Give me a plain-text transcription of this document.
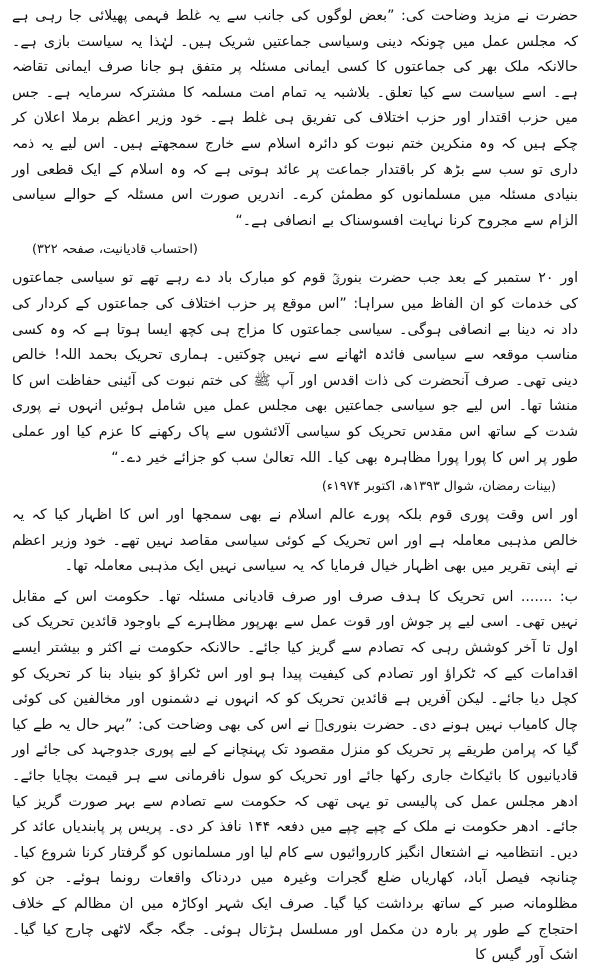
حضرت نے مزید وضاحت کی: ”بعض لوگوں کی جانب سے یہ غلط فہمی پھیلائی جا رہی ہے کہ مجلس عمل میں چونکہ دینی وسیاسی جماعتیں شریک ہیں۔ لہٰذا یہ سیاست بازی ہے۔ حالانکہ ملک بھر کی جماعتوں کا کسی ایمانی مسئلہ پر متفق ہو جانا صرف ایمانی تقاضہ ہے۔ اسے سیاست سے کیا تعلق۔ بلاشبہ یہ تمام امت مسلمہ کا مشترکہ سرمایہ ہے۔ جس میں حزب اقتدار اور حزب اختلاف کی تفریق ہی غلط ہے۔ خود وزیر اعظم برملا اعلان کر چکے ہیں کہ وہ منکرین ختم نبوت کو دائرہ اسلام سے خارج سمجھتے ہیں۔ اس لیے یہ ذمہ داری تو سب سے بڑھ کر باقتدار جماعت پر عائد ہوتی ہے کہ وہ اسلام کے ایک قطعی اور بنیادی مسئلہ میں مسلمانوں کو مطمئن کرے۔ اندریں صورت اس مسئلہ کے حوالے سیاسی الزام سے مجروح کرنا نہایت افسوسناک بے انصافی ہے۔“

(احتساب قادیانیت، صفحہ ۳۲۲)

اور ۲۰ ستمبر کے بعد جب حضرت بنوریؒ قوم کو مبارک باد دے رہے تھے تو سیاسی جماعتوں کی خدمات کو ان الفاظ میں سراہا: ”اس موقع پر حزب اختلاف کی جماعتوں کے کردار کی داد نہ دینا بے انصافی ہوگی۔ سیاسی جماعتوں کا مزاج ہی کچھ ایسا ہوتا ہے کہ وہ کسی مناسب موقعہ سے سیاسی فائدہ اٹھانے سے نہیں چوکتیں۔ ہماری تحریک بحمد اللہ! خالص دینی تھی۔ صرف آنحضرت کی ذات اقدس اور آپ ﷺ کی ختم نبوت کی آئینی حفاظت اس کا منشا تھا۔ اس لیے جو سیاسی جماعتیں بھی مجلس عمل میں شامل ہوئیں انہوں نے پوری شدت کے ساتھ اس مقدس تحریک کو سیاسی آلائشوں سے پاک رکھنے کا عزم کیا اور عملی طور پر اس کا پورا پورا مظاہرہ بھی کیا۔ اللہ تعالیٰ سب کو جزائے خیر دے۔“

(بینات رمضان، شوال ۱۳۹۳ھ، اکتوبر ۱۹۷۴ء)

اور اس وقت پوری قوم بلکہ پورے عالم اسلام نے بھی سمجھا اور اس کا اظہار کیا کہ یہ خالص مذہبی معاملہ ہے اور اس تحریک کے کوئی سیاسی مقاصد نہیں تھے۔ خود وزیر اعظم نے اپنی تقریر میں بھی اظہار خیال فرمایا کہ یہ سیاسی نہیں ایک مذہبی معاملہ تھا۔

ب: ....... اس تحریک کا ہدف صرف اور صرف قادیانی مسئلہ تھا۔ حکومت اس کے مقابل نہیں تھی۔ اسی لیے پر جوش اور قوت عمل سے بھرپور مظاہرے کے باوجود قائدین تحریک کی اول تا آخر کوشش رہی کہ تصادم سے گریز کیا جائے۔ حالانکہ حکومت نے اکثر و بیشتر ایسے اقدامات کیے کہ ٹکراؤ اور تصادم کی کیفیت پیدا ہو اور اس ٹکراؤ کو بنیاد بنا کر تحریک کو کچل دیا جائے۔ لیکن آفریں ہے قائدین تحریک کو کہ انہوں نے دشمنوں اور مخالفین کی کوئی چال کامیاب نہیں ہونے دی۔ حضرت بنوریؒ نے اس کی بھی وضاحت کی: ”بہر حال یہ طے کیا گیا کہ پرامن طریقے پر تحریک کو منزل مقصود تک پہنچانے کے لیے پوری جدوجہد کی جائے اور قادیانیوں کا بائیکاٹ جاری رکھا جائے اور تحریک کو سول نافرمانی سے ہر قیمت بچایا جائے۔ ادھر مجلس عمل کی پالیسی تو یہی تھی کہ حکومت سے تصادم سے بہر صورت گریز کیا جائے۔ ادھر حکومت نے ملک کے چپے چپے میں دفعہ ۱۴۴ نافذ کر دی۔ پریس پر پابندیاں عائد کر دیں۔ انتظامیہ نے اشتعال انگیز کارروائیوں سے کام لیا اور مسلمانوں کو گرفتار کرنا شروع کیا۔ چنانچہ فیصل آباد، کھاریاں ضلع گجرات وغیرہ میں دردناک واقعات رونما ہوئے۔ جن کو مظلومانہ صبر کے ساتھ برداشت کیا گیا۔ صرف ایک شہر اوکاڑہ میں ان مظالم کے خلاف احتجاج کے طور پر بارہ دن مکمل اور مسلسل ہڑتال ہوئی۔ جگہ جگہ لاٹھی چارج کیا گیا۔ اشک آور گیس کا
